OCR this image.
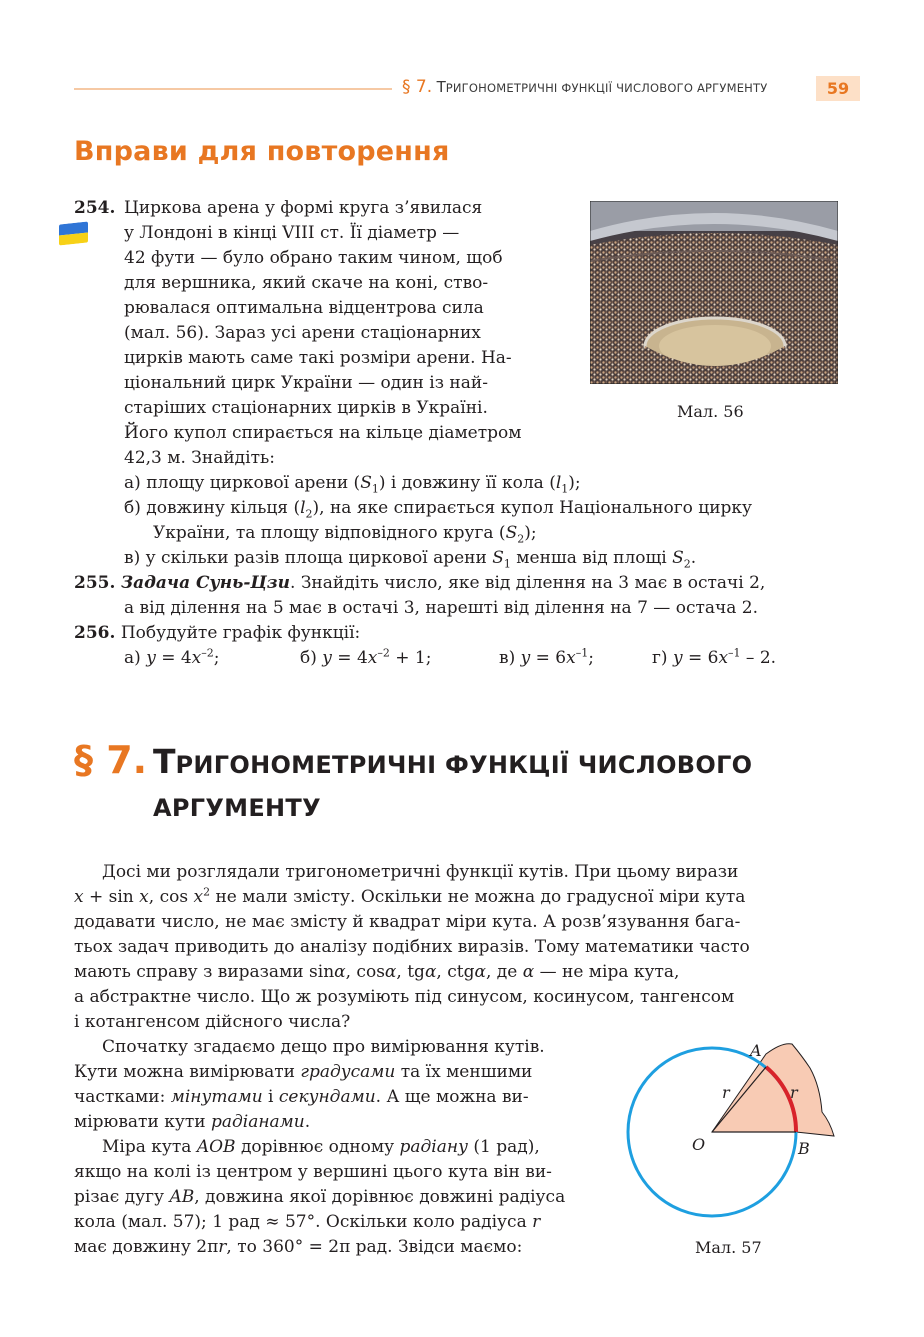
§ 7. ТРИГОНОМЕТРИЧНІ ФУНКЦІЇ ЧИСЛОВОГО АРГУМЕНТУ	59
Вправи для повторення
254. Циркова арена у формі круга з’явилася
у Лондоні в кінці VIII ст. Її діаметр —
42 фути — було обрано таким чином, щоб
для вершника, який скаче на коні, ство-
рювалася оптимальна відцентрова сила
(мал. 56). Зараз усі арени стаціонарних
цирків мають саме такі розміри арени. На-
ціональний цирк України — один із най-
старіших стаціонарних цирків в Україні.
Його купол спирається на кільце діаметром
42,3 м. Знайдіть:
а) площу циркової арени $(S_1)$ і довжину її кола $(l_1)$;
б) довжину кільця $(l_2)$, на яке спирається купол Національного цирку
України, та площу відповідного круга $(S_2)$;
в) у скільки разів площа циркової арени $S_1$ менша від площі $S_2$.
Мал. 56
255. Задача Сунь-Цзи. Знайдіть число, яке від ділення на 3 має в остачі 2,
а від ділення на 5 має в остачі 3, нарешті від ділення на 7 — остача 2.
256. Побудуйте графік функції:
а) $y = 4x^{-2}$;	б) $y = 4x^{-2} + 1$;	в) $y = 6x^{-1}$;	г) $y = 6x^{-1} - 2$.
§ 7. ТРИГОНОМЕТРИЧНІ ФУНКЦІЇ ЧИСЛОВОГО
АРГУМЕНТУ
Досі ми розглядали тригонометричні функції кутів. При цьому вирази
x + sin x, $\cos x^2$ не мали змісту. Оскільки не можна до градусної міри кута
додавати число, не має змісту й квадрат міри кута. А розв’язування бага-
тьох задач приводить до аналізу подібних виразів. Тому математики часто
мають справу з виразами sinα, cosα, tgα, ctgα, де α — не міра кута,
а абстрактне число. Що ж розуміють під синусом, косинусом, тангенсом
і котангенсом дійсного числа?
Спочатку згадаємо дещо про вимірювання кутів.
Кути можна вимірювати градусами та їх меншими
частками: мінутами і секундами. А ще можна ви-
мірювати кути радіанами.
Міра кута AOB дорівнює одному радіану (1 рад),
якщо на колі із центром у вершині цього кута він ви-
різає дугу AB, довжина якої дорівнює довжині радіуса
кола (мал. 57); 1 рад ≈ 57°. Оскільки коло радіуса r
має довжину 2πr, то 360° = 2π рад. Звідси маємо:
A
O	B
r	r
Мал. 57
